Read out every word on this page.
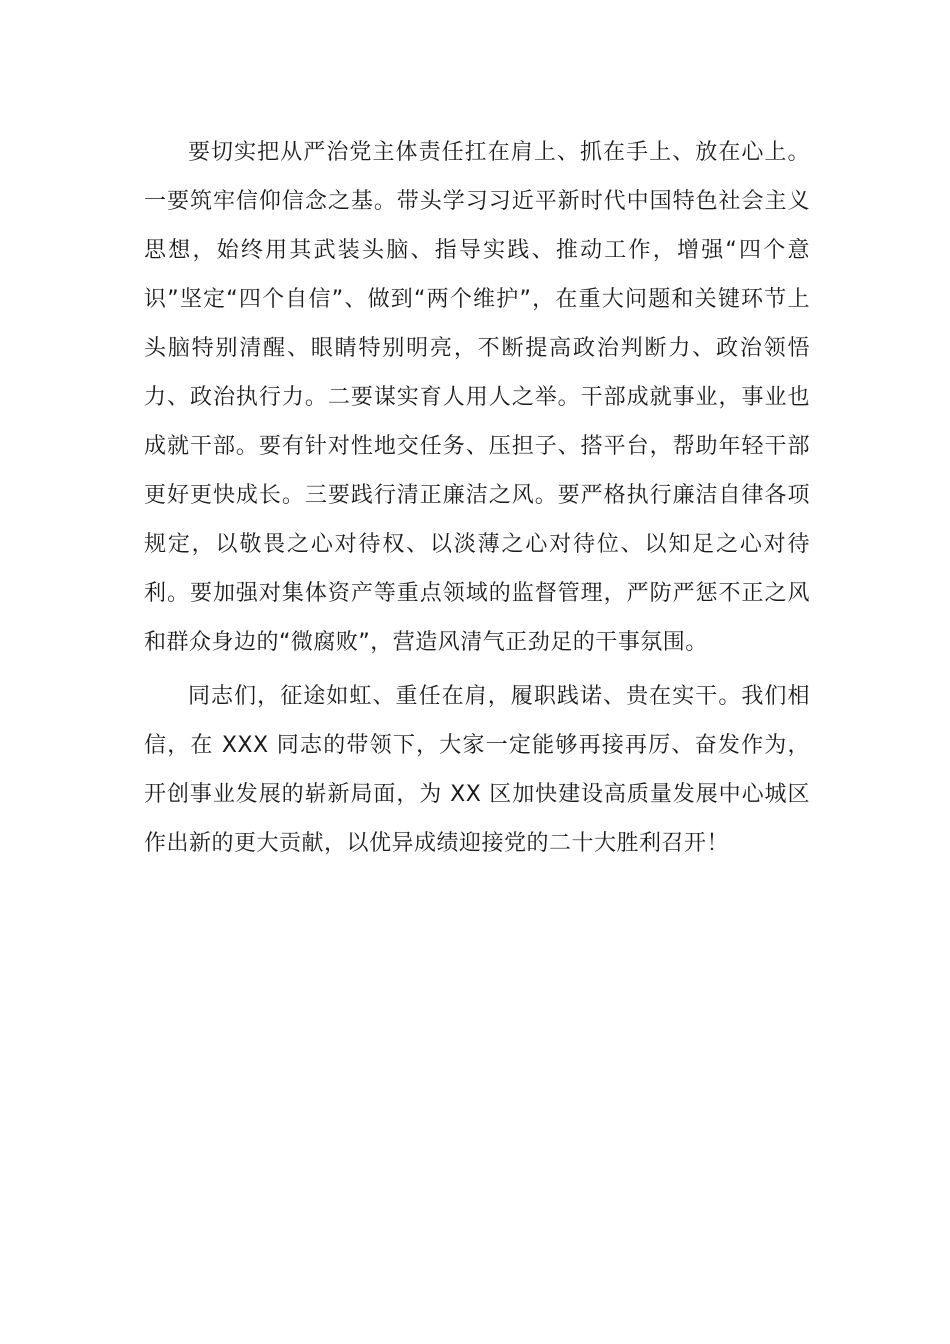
要切实把从严治党主体责任扛在肩上、抓在手上、放在心上。一要筑牢信仰信念之基。带头学习习近平新时代中国特色社会主义思想，始终用其武装头脑、指导实践、推动工作，增强“四个意识”坚定“四个自信”、做到“两个维护”，在重大问题和关键环节上头脑特别清醒、眼睛特别明亮，不断提高政治判断力、政治领悟力、政治执行力。二要谋实育人用人之举。干部成就事业，事业也成就干部。要有针对性地交任务、压担子、搭平台，帮助年轻干部更好更快成长。三要践行清正廉洁之风。要严格执行廉洁自律各项规定，以敬畏之心对待权、以淡薄之心对待位、以知足之心对待利。要加强对集体资产等重点领域的监督管理，严防严惩不正之风和群众身边的“微腐败”，营造风清气正劲足的干事氛围。

同志们，征途如虹、重任在肩，履职践诺、贵在实干。我们相信，在 XXX 同志的带领下，大家一定能够再接再厉、奋发作为，开创事业发展的崭新局面，为 XX 区加快建设高质量发展中心城区作出新的更大贡献，以优异成绩迎接党的二十大胜利召开！
